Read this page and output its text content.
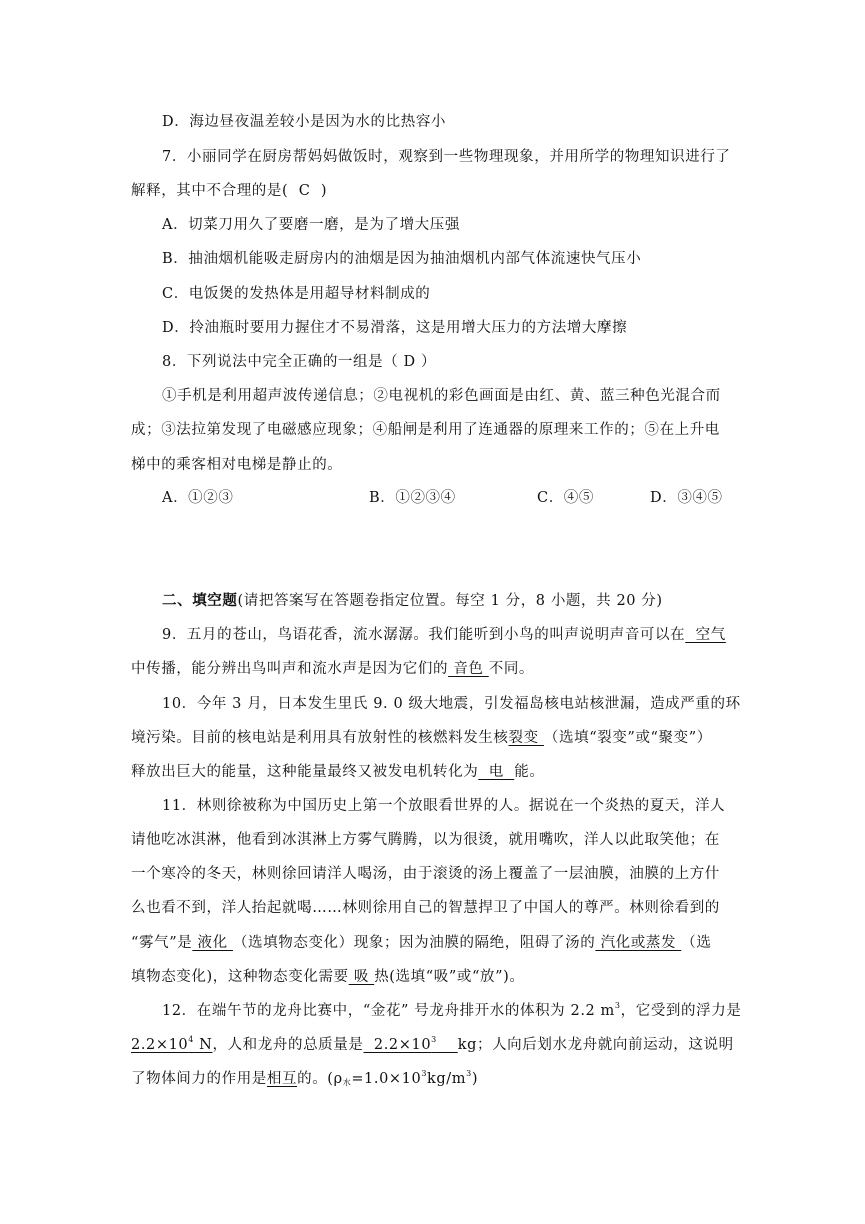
D．海边昼夜温差较小是因为水的比热容小
7．小丽同学在厨房帮妈妈做饭时，观察到一些物理现象，并用所学的物理知识进行了
解释，其中不合理的是( C )
A．切菜刀用久了要磨一磨，是为了增大压强
B．抽油烟机能吸走厨房内的油烟是因为抽油烟机内部气体流速快气压小
C．电饭煲的发热体是用超导材料制成的
D．拎油瓶时要用力握住才不易滑落，这是用增大压力的方法增大摩擦
8．下列说法中完全正确的一组是（ D ）
①手机是利用超声波传递信息；②电视机的彩色画面是由红、黄、蓝三种色光混合而
成；③法拉第发现了电磁感应现象；④船闸是利用了连通器的原理来工作的；⑤在上升电
梯中的乘客相对电梯是静止的。
A．①②③	B．①②③④	C．④⑤	D．③④⑤
二、填空题(请把答案写在答题卷指定位置。每空 1 分，8 小题，共 20 分)
9．五月的苍山，鸟语花香，流水潺潺。我们能听到小鸟的叫声说明声音可以在  空气
中传播，能分辨出鸟叫声和流水声是因为它们的 音色 不同。
10．今年 3 月，日本发生里氏 9. 0 级大地震，引发福岛核电站核泄漏，造成严重的环
境污染。目前的核电站是利用具有放射性的核燃料发生核裂变 （选填“裂变”或“聚变”）
释放出巨大的能量，这种能量最终又被发电机转化为  电  能。
11．林则徐被称为中国历史上第一个放眼看世界的人。据说在一个炎热的夏天，洋人
请他吃冰淇淋，他看到冰淇淋上方雾气腾腾，以为很烫，就用嘴吹，洋人以此取笑他；在
一个寒冷的冬天，林则徐回请洋人喝汤，由于滚烫的汤上覆盖了一层油膜，油膜的上方什
么也看不到，洋人抬起就喝……林则徐用自己的智慧捍卫了中国人的尊严。林则徐看到的
“雾气”是 液化 （选填物态变化）现象；因为油膜的隔绝，阻碍了汤的 汽化或蒸发 （选
填物态变化)，这种物态变化需要 吸 热(选填“吸”或“放”)。
12．在端午节的龙舟比赛中，“金花” 号龙舟排开水的体积为 2.2 $m^3$，它受到的浮力是
$2.2\times 10^4$ N，人和龙舟的总质量是  $2.2\times 10^3$ kg；人向后划水龙舟就向前运动，这说明
了物体间力的作用是相互的。$(\rho_水=1.0\times 10^3kg/m^3)$
